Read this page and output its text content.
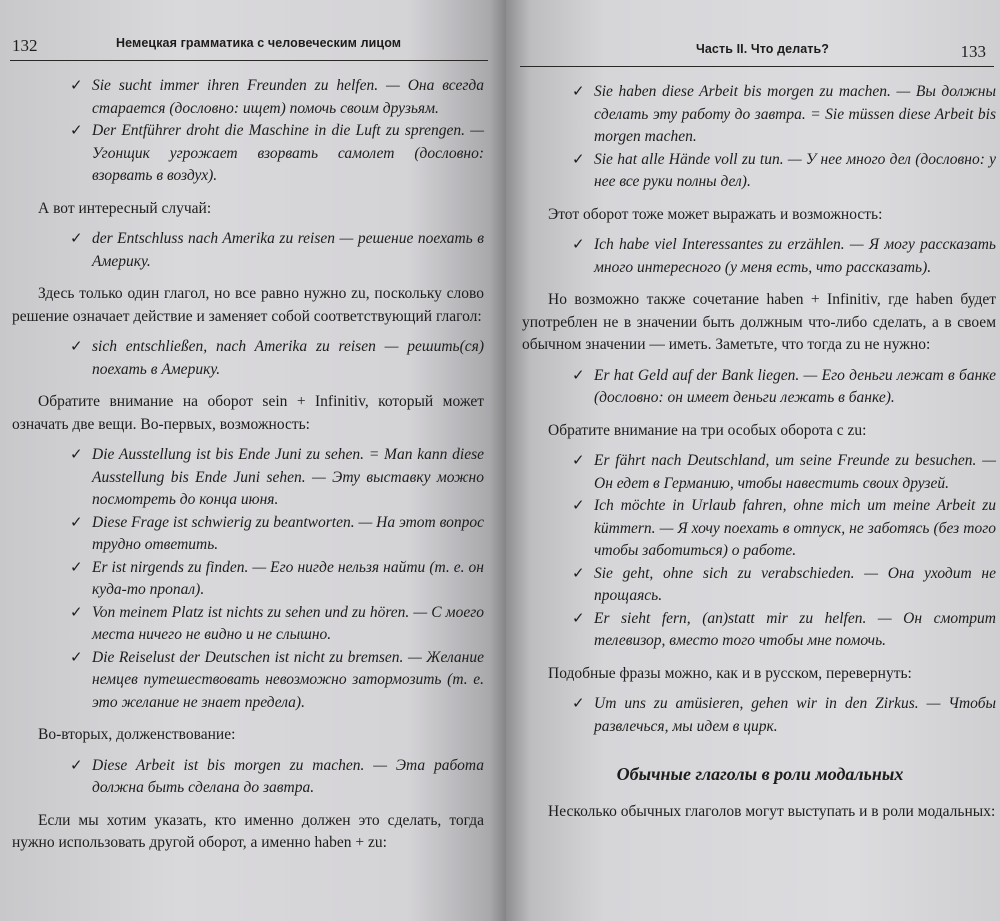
132	Немецкая грамматика с человеческим лицом
✓ Sie sucht immer ihren Freunden zu helfen. — Она всегда старается (дословно: ищет) помочь своим друзьям.
✓ Der Entführer droht die Maschine in die Luft zu sprengen. — Угонщик угрожает взорвать самолет (дословно: взорвать в воздух).

А вот интересный случай:

✓ der Entschluss nach Amerika zu reisen — решение поехать в Америку.

Здесь только один глагол, но все равно нужно zu, поскольку слово решение означает действие и заменяет собой соответствующий глагол:

✓ sich entschließen, nach Amerika zu reisen — решить(ся) поехать в Америку.

Обратите внимание на оборот sein + Infinitiv, который может означать две вещи. Во-первых, возможность:

✓ Die Ausstellung ist bis Ende Juni zu sehen. = Man kann diese Ausstellung bis Ende Juni sehen. — Эту выставку можно посмотреть до конца июня.
✓ Diese Frage ist schwierig zu beantworten. — На этот вопрос трудно ответить.
✓ Er ist nirgends zu finden. — Его нигде нельзя найти (т. е. он куда-то пропал).
✓ Von meinem Platz ist nichts zu sehen und zu hören. — С моего места ничего не видно и не слышно.
✓ Die Reiselust der Deutschen ist nicht zu bremsen. — Желание немцев путешествовать невозможно затормозить (т. е. это желание не знает предела).

Во-вторых, долженствование:

✓ Diese Arbeit ist bis morgen zu machen. — Эта работа должна быть сделана до завтра.

Если мы хотим указать, кто именно должен это сделать, тогда нужно использовать другой оборот, а именно haben + zu:

Часть II. Что делать?	133
✓ Sie haben diese Arbeit bis morgen zu machen. — Вы должны сделать эту работу до завтра. = Sie müssen diese Arbeit bis morgen machen.
✓ Sie hat alle Hände voll zu tun. — У нее много дел (дословно: у нее все руки полны дел).

Этот оборот тоже может выражать и возможность:

✓ Ich habe viel Interessantes zu erzählen. — Я могу рассказать много интересного (у меня есть, что рассказать).

Но возможно также сочетание haben + Infinitiv, где haben будет употреблен не в значении быть должным что-либо сделать, а в своем обычном значении — иметь. Заметьте, что тогда zu не нужно:

✓ Er hat Geld auf der Bank liegen. — Его деньги лежат в банке (дословно: он имеет деньги лежать в банке).

Обратите внимание на три особых оборота с zu:

✓ Er fährt nach Deutschland, um seine Freunde zu besuchen. — Он едет в Германию, чтобы навестить своих друзей.
✓ Ich möchte in Urlaub fahren, ohne mich um meine Arbeit zu kümmern. — Я хочу поехать в отпуск, не заботясь (без того чтобы заботиться) о работе.
✓ Sie geht, ohne sich zu verabschieden. — Она уходит не прощаясь.
✓ Er sieht fern, (an)statt mir zu helfen. — Он смотрит телевизор, вместо того чтобы мне помочь.

Подобные фразы можно, как и в русском, перевернуть:

✓ Um uns zu amüsieren, gehen wir in den Zirkus. — Чтобы развлечься, мы идем в цирк.
Обычные глаголы в роли модальных

Несколько обычных глаголов могут выступать и в роли модальных:
